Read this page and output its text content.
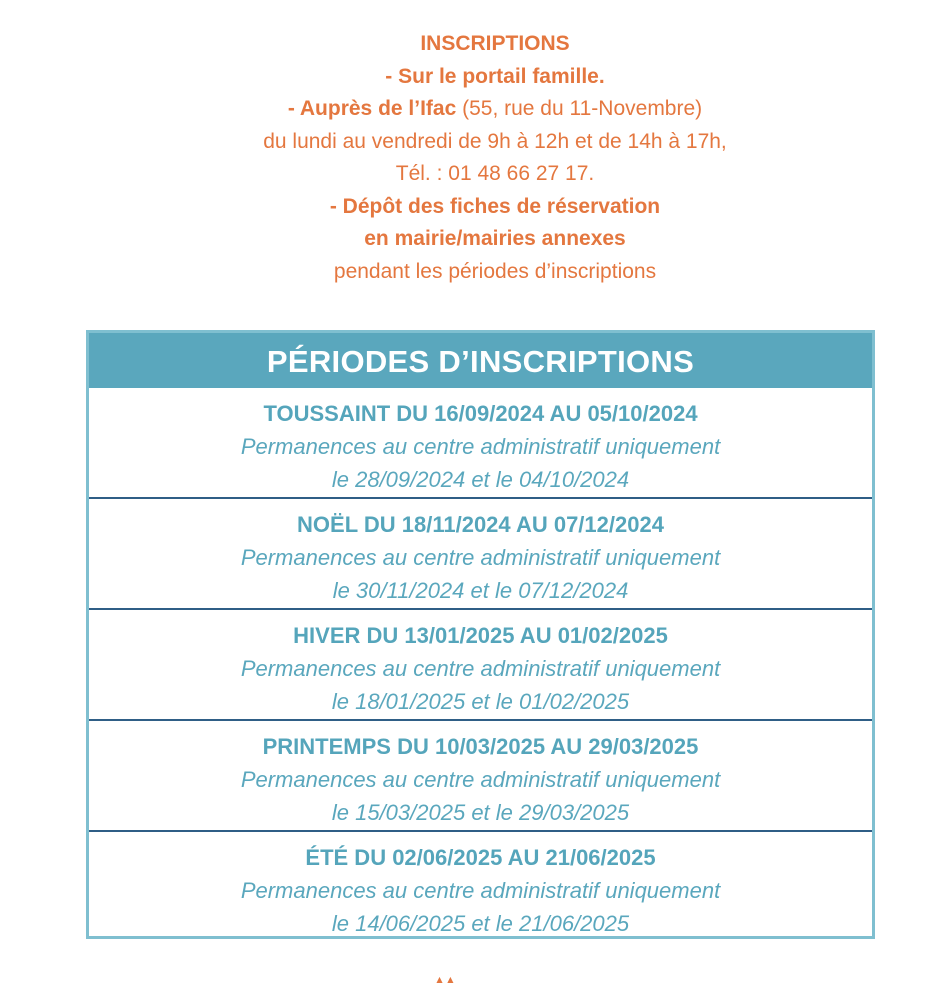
INSCRIPTIONS
- Sur le portail famille.
- Auprès de l’Ifac (55, rue du 11-Novembre)
du lundi au vendredi de 9h à 12h et de 14h à 17h,
Tél. : 01 48 66 27 17.
- Dépôt des fiches de réservation
en mairie/mairies annexes
pendant les périodes d’inscriptions
PÉRIODES D’INSCRIPTIONS
TOUSSAINT DU 16/09/2024 AU 05/10/2024
Permanences au centre administratif uniquement
le 28/09/2024 et le 04/10/2024
NOËL DU 18/11/2024 AU 07/12/2024
Permanences au centre administratif uniquement
le 30/11/2024 et le 07/12/2024
HIVER DU 13/01/2025 AU 01/02/2025
Permanences au centre administratif uniquement
le 18/01/2025 et le 01/02/2025
PRINTEMPS DU 10/03/2025 AU 29/03/2025
Permanences au centre administratif uniquement
le 15/03/2025 et le 29/03/2025
ÉTÉ DU 02/06/2025 AU 21/06/2025
Permanences au centre administratif uniquement
le 14/06/2025 et le 21/06/2025
▴ ▴
